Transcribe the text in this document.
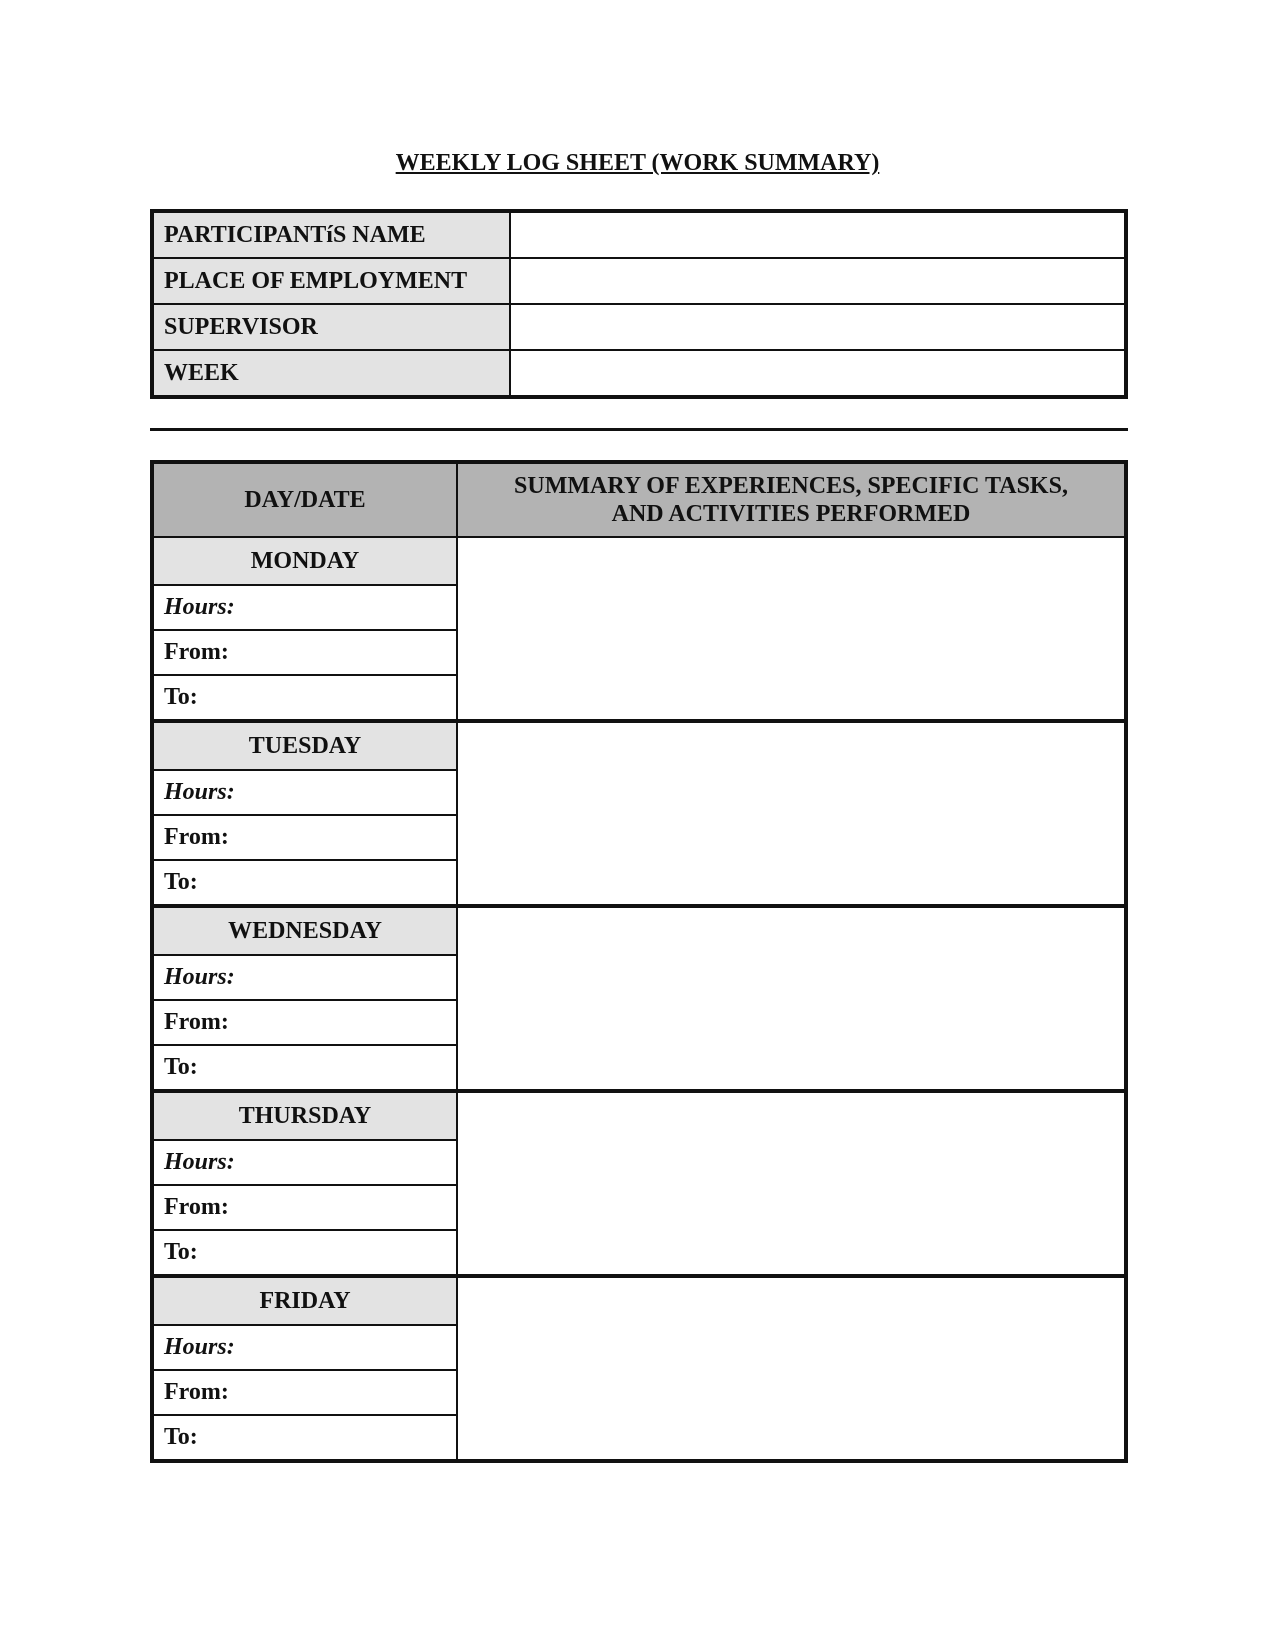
WEEKLY LOG SHEET (WORK SUMMARY)
PARTICIPANTíS NAME	
PLACE OF EMPLOYMENT	
SUPERVISOR	
WEEK	
DAY/DATE	SUMMARY OF EXPERIENCES, SPECIFIC TASKS,
AND ACTIVITIES PERFORMED
MONDAY	
Hours:	
From:	
To:	
TUESDAY	
Hours:	
From:	
To:	
WEDNESDAY	
Hours:	
From:	
To:	
THURSDAY	
Hours:	
From:	
To:	
FRIDAY	
Hours:	
From:	
To:	
